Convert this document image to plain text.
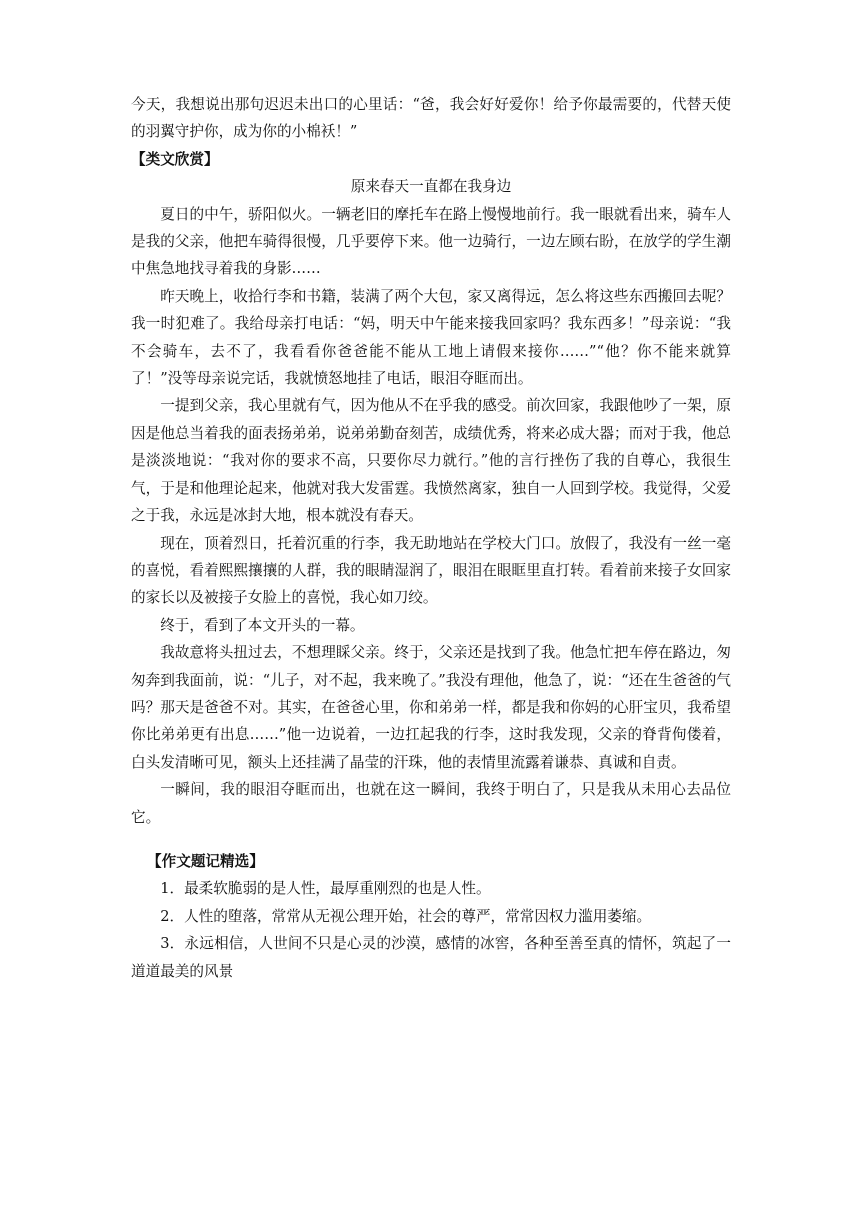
今天，我想说出那句迟迟未出口的心里话：“爸，我会好好爱你！给予你最需要的，代替天使的羽翼守护你，成为你的小棉袄！”

【类文欣赏】

原来春天一直都在我身边

夏日的中午，骄阳似火。一辆老旧的摩托车在路上慢慢地前行。我一眼就看出来，骑车人是我的父亲，他把车骑得很慢，几乎要停下来。他一边骑行，一边左顾右盼，在放学的学生潮中焦急地找寻着我的身影……

昨天晚上，收拾行李和书籍，装满了两个大包，家又离得远，怎么将这些东西搬回去呢？我一时犯难了。我给母亲打电话：“妈，明天中午能来接我回家吗？我东西多！”母亲说：“我不会骑车，去不了，我看看你爸爸能不能从工地上请假来接你……”“他？你不能来就算了！”没等母亲说完话，我就愤怒地挂了电话，眼泪夺眶而出。

一提到父亲，我心里就有气，因为他从不在乎我的感受。前次回家，我跟他吵了一架，原因是他总当着我的面表扬弟弟，说弟弟勤奋刻苦，成绩优秀，将来必成大器；而对于我，他总是淡淡地说：“我对你的要求不高，只要你尽力就行。”他的言行挫伤了我的自尊心，我很生气，于是和他理论起来，他就对我大发雷霆。我愤然离家，独自一人回到学校。我觉得，父爱之于我，永远是冰封大地，根本就没有春天。

现在，顶着烈日，托着沉重的行李，我无助地站在学校大门口。放假了，我没有一丝一毫的喜悦，看着熙熙攘攘的人群，我的眼睛湿润了，眼泪在眼眶里直打转。看着前来接子女回家的家长以及被接子女脸上的喜悦，我心如刀绞。

终于，看到了本文开头的一幕。

我故意将头扭过去，不想理睬父亲。终于，父亲还是找到了我。他急忙把车停在路边，匆匆奔到我面前，说：“儿子，对不起，我来晚了。”我没有理他，他急了，说：“还在生爸爸的气吗？那天是爸爸不对。其实，在爸爸心里，你和弟弟一样，都是我和你妈的心肝宝贝，我希望你比弟弟更有出息……”他一边说着，一边扛起我的行李，这时我发现，父亲的脊背佝偻着，白头发清晰可见，额头上还挂满了晶莹的汗珠，他的表情里流露着谦恭、真诚和自责。

一瞬间，我的眼泪夺眶而出，也就在这一瞬间，我终于明白了，只是我从未用心去品位它。

【作文题记精选】

1．最柔软脆弱的是人性，最厚重刚烈的也是人性。

2．人性的堕落，常常从无视公理开始，社会的尊严，常常因权力滥用萎缩。

3．永远相信，人世间不只是心灵的沙漠，感情的冰窖，各种至善至真的情怀，筑起了一道道最美的风景
